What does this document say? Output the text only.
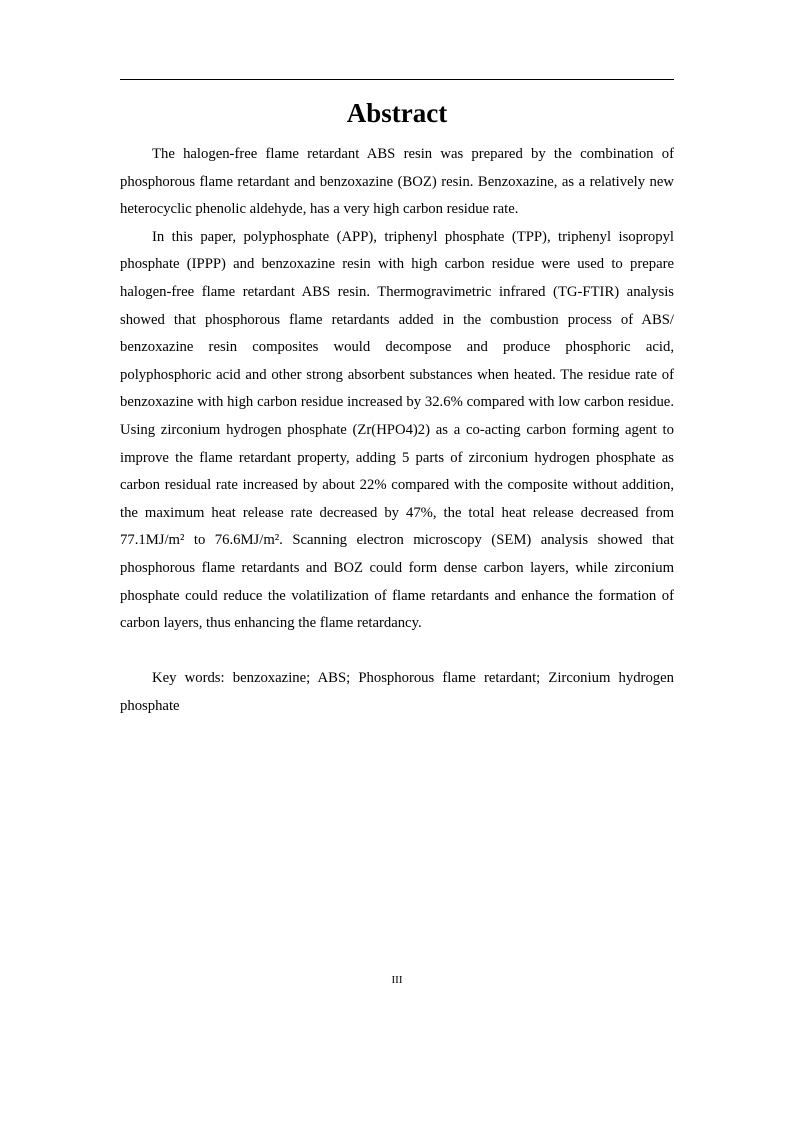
Abstract

The halogen-free flame retardant ABS resin was prepared by the combination of phosphorous flame retardant and benzoxazine (BOZ) resin. Benzoxazine, as a relatively new heterocyclic phenolic aldehyde, has a very high carbon residue rate.

In this paper, polyphosphate (APP), triphenyl phosphate (TPP), triphenyl isopropyl phosphate (IPPP) and benzoxazine resin with high carbon residue were used to prepare halogen-free flame retardant ABS resin. Thermogravimetric infrared (TG-FTIR) analysis showed that phosphorous flame retardants added in the combustion process of ABS/ benzoxazine resin composites would decompose and produce phosphoric acid, polyphosphoric acid and other strong absorbent substances when heated. The residue rate of benzoxazine with high carbon residue increased by 32.6% compared with low carbon residue. Using zirconium hydrogen phosphate (Zr(HPO4)2) as a co-acting carbon forming agent to improve the flame retardant property, adding 5 parts of zirconium hydrogen phosphate as carbon residual rate increased by about 22% compared with the composite without addition, the maximum heat release rate decreased by 47%, the total heat release decreased from 77.1MJ/m² to 76.6MJ/m². Scanning electron microscopy (SEM) analysis showed that phosphorous flame retardants and BOZ could form dense carbon layers, while zirconium phosphate could reduce the volatilization of flame retardants and enhance the formation of carbon layers, thus enhancing the flame retardancy.

Key words: benzoxazine; ABS; Phosphorous flame retardant; Zirconium hydrogen phosphate

III
